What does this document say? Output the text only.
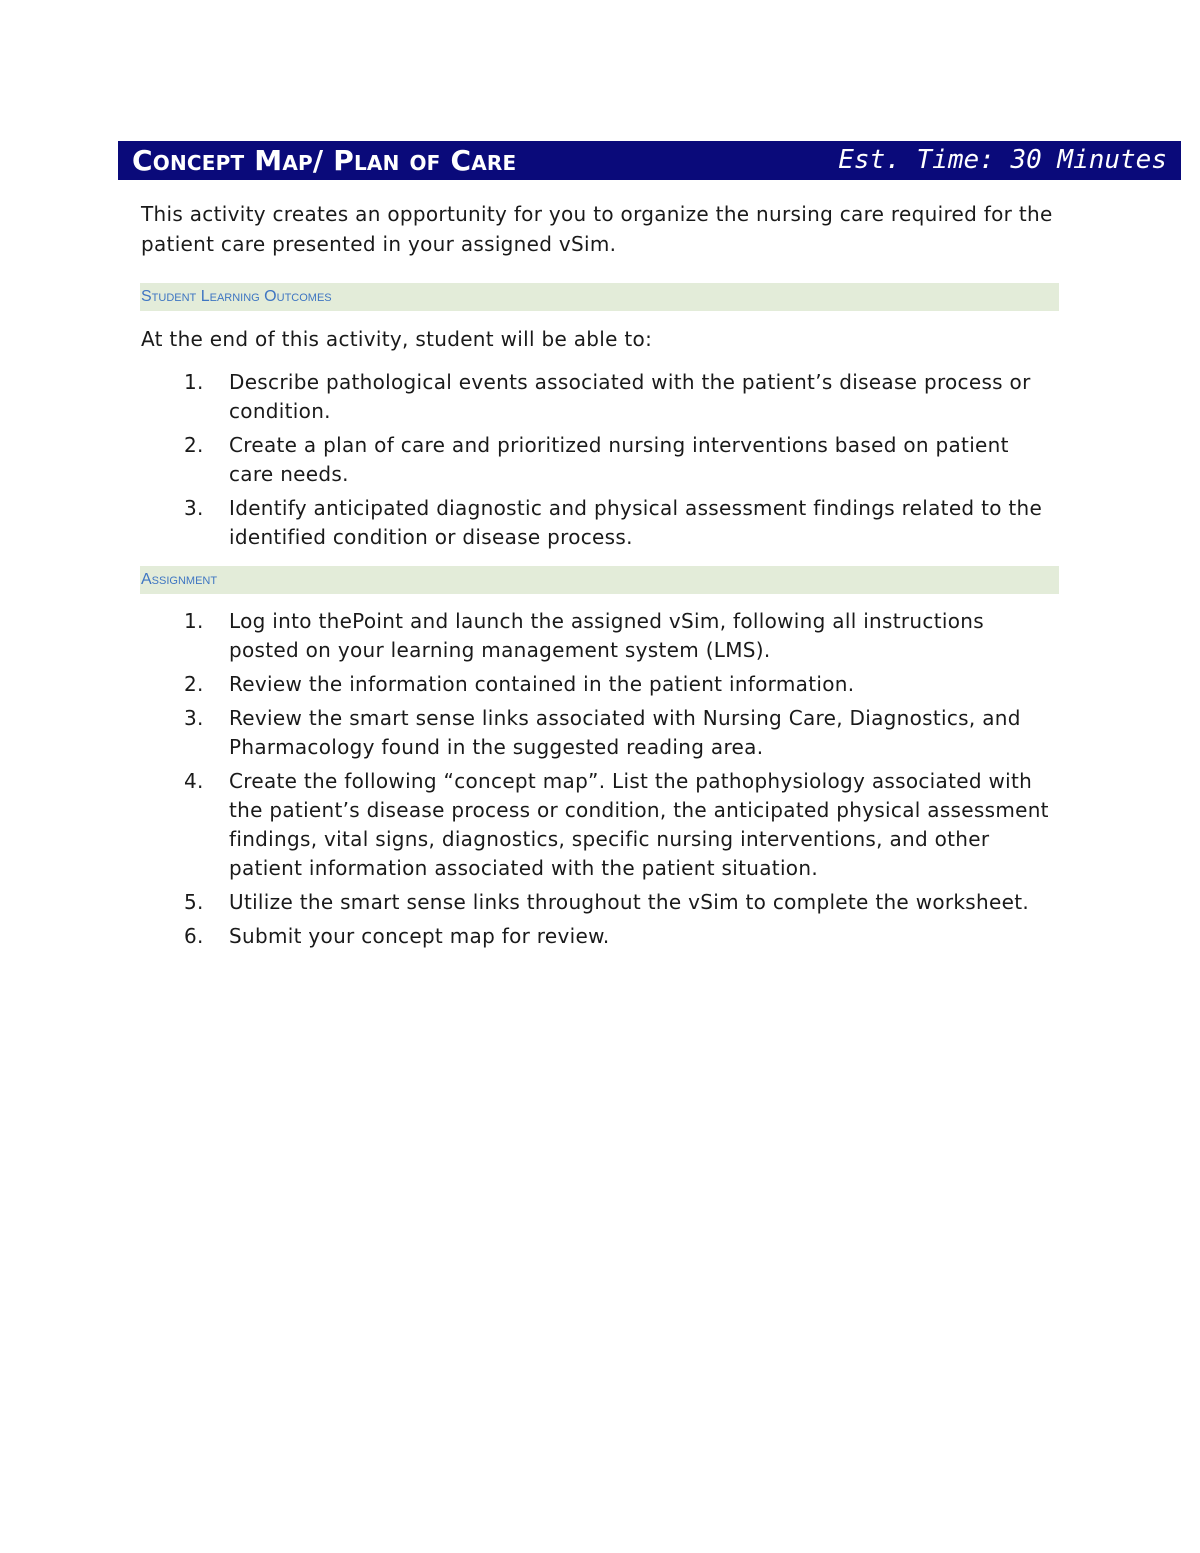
Concept Map/ Plan of Care	Est. Time: 30 Minutes
This activity creates an opportunity for you to organize the nursing care required for the patient care presented in your assigned vSim.
Student Learning Outcomes
At the end of this activity, student will be able to:
1. Describe pathological events associated with the patient’s disease process or condition.
2. Create a plan of care and prioritized nursing interventions based on patient care needs.
3. Identify anticipated diagnostic and physical assessment findings related to the identified condition or disease process.
Assignment
1. Log into thePoint and launch the assigned vSim, following all instructions posted on your learning management system (LMS).
2. Review the information contained in the patient information.
3. Review the smart sense links associated with Nursing Care, Diagnostics, and Pharmacology found in the suggested reading area.
4. Create the following “concept map”. List the pathophysiology associated with the patient’s disease process or condition, the anticipated physical assessment findings, vital signs, diagnostics, specific nursing interventions, and other patient information associated with the patient situation.
5. Utilize the smart sense links throughout the vSim to complete the worksheet.
6. Submit your concept map for review.
